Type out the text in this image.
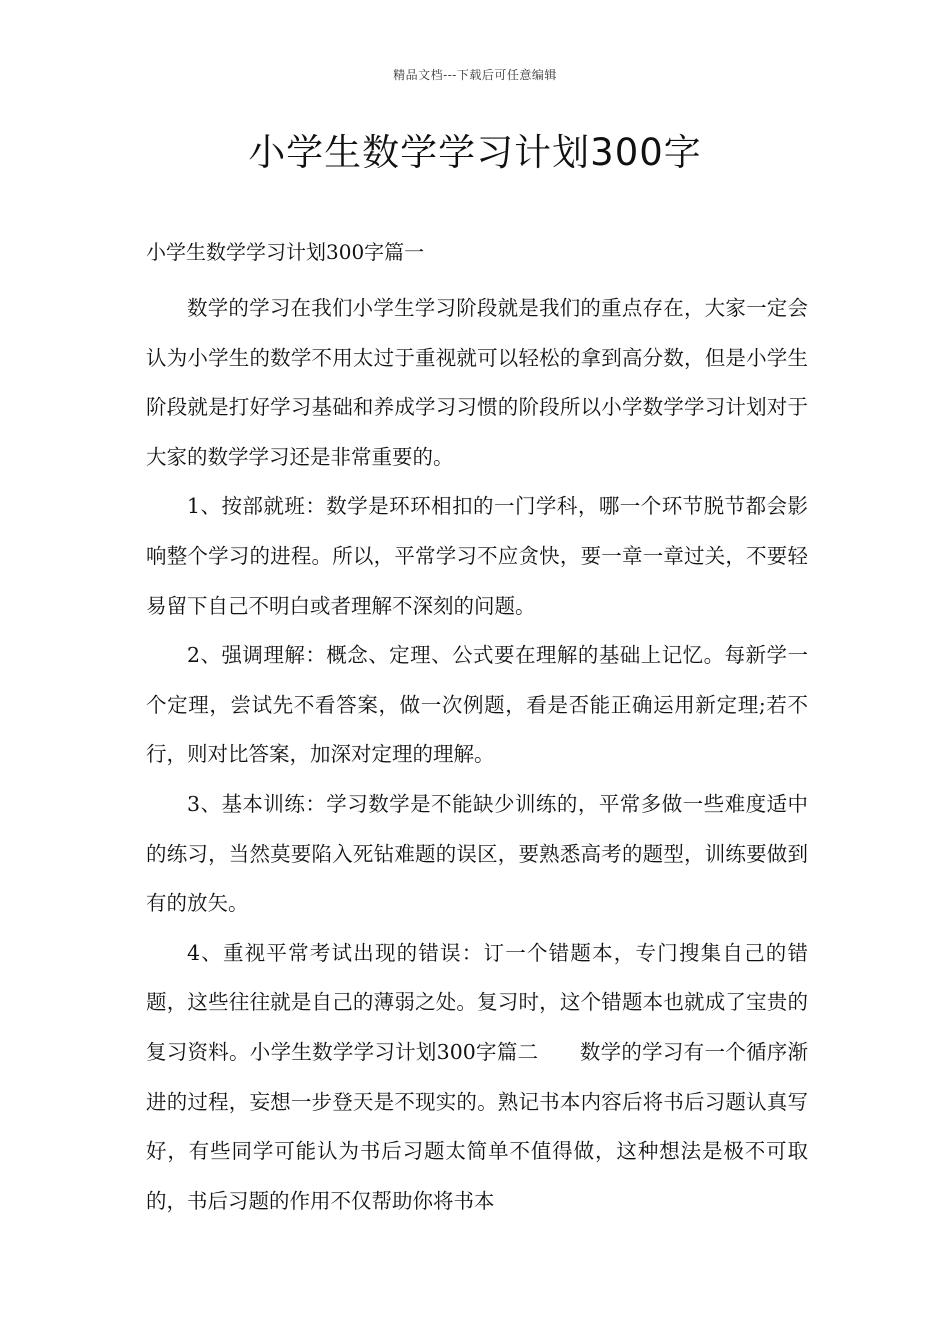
精品文档---下载后可任意编辑
小学生数学学习计划300字
小学生数学学习计划300字篇一

数学的学习在我们小学生学习阶段就是我们的重点存在，大家一定会认为小学生的数学不用太过于重视就可以轻松的拿到高分数，但是小学生阶段就是打好学习基础和养成学习习惯的阶段所以小学数学学习计划对于大家的数学学习还是非常重要的。

1、按部就班：数学是环环相扣的一门学科，哪一个环节脱节都会影响整个学习的进程。所以，平常学习不应贪快，要一章一章过关，不要轻易留下自己不明白或者理解不深刻的问题。

2、强调理解：概念、定理、公式要在理解的基础上记忆。每新学一个定理，尝试先不看答案，做一次例题，看是否能正确运用新定理;若不行，则对比答案，加深对定理的理解。

3、基本训练：学习数学是不能缺少训练的，平常多做一些难度适中的练习，当然莫要陷入死钻难题的误区，要熟悉高考的题型，训练要做到有的放矢。

4、重视平常考试出现的错误：订一个错题本，专门搜集自己的错题，这些往往就是自己的薄弱之处。复习时，这个错题本也就成了宝贵的复习资料。小学生数学学习计划300字篇二　　数学的学习有一个循序渐进的过程，妄想一步登天是不现实的。熟记书本内容后将书后习题认真写好，有些同学可能认为书后习题太简单不值得做，这种想法是极不可取的，书后习题的作用不仅帮助你将书本
